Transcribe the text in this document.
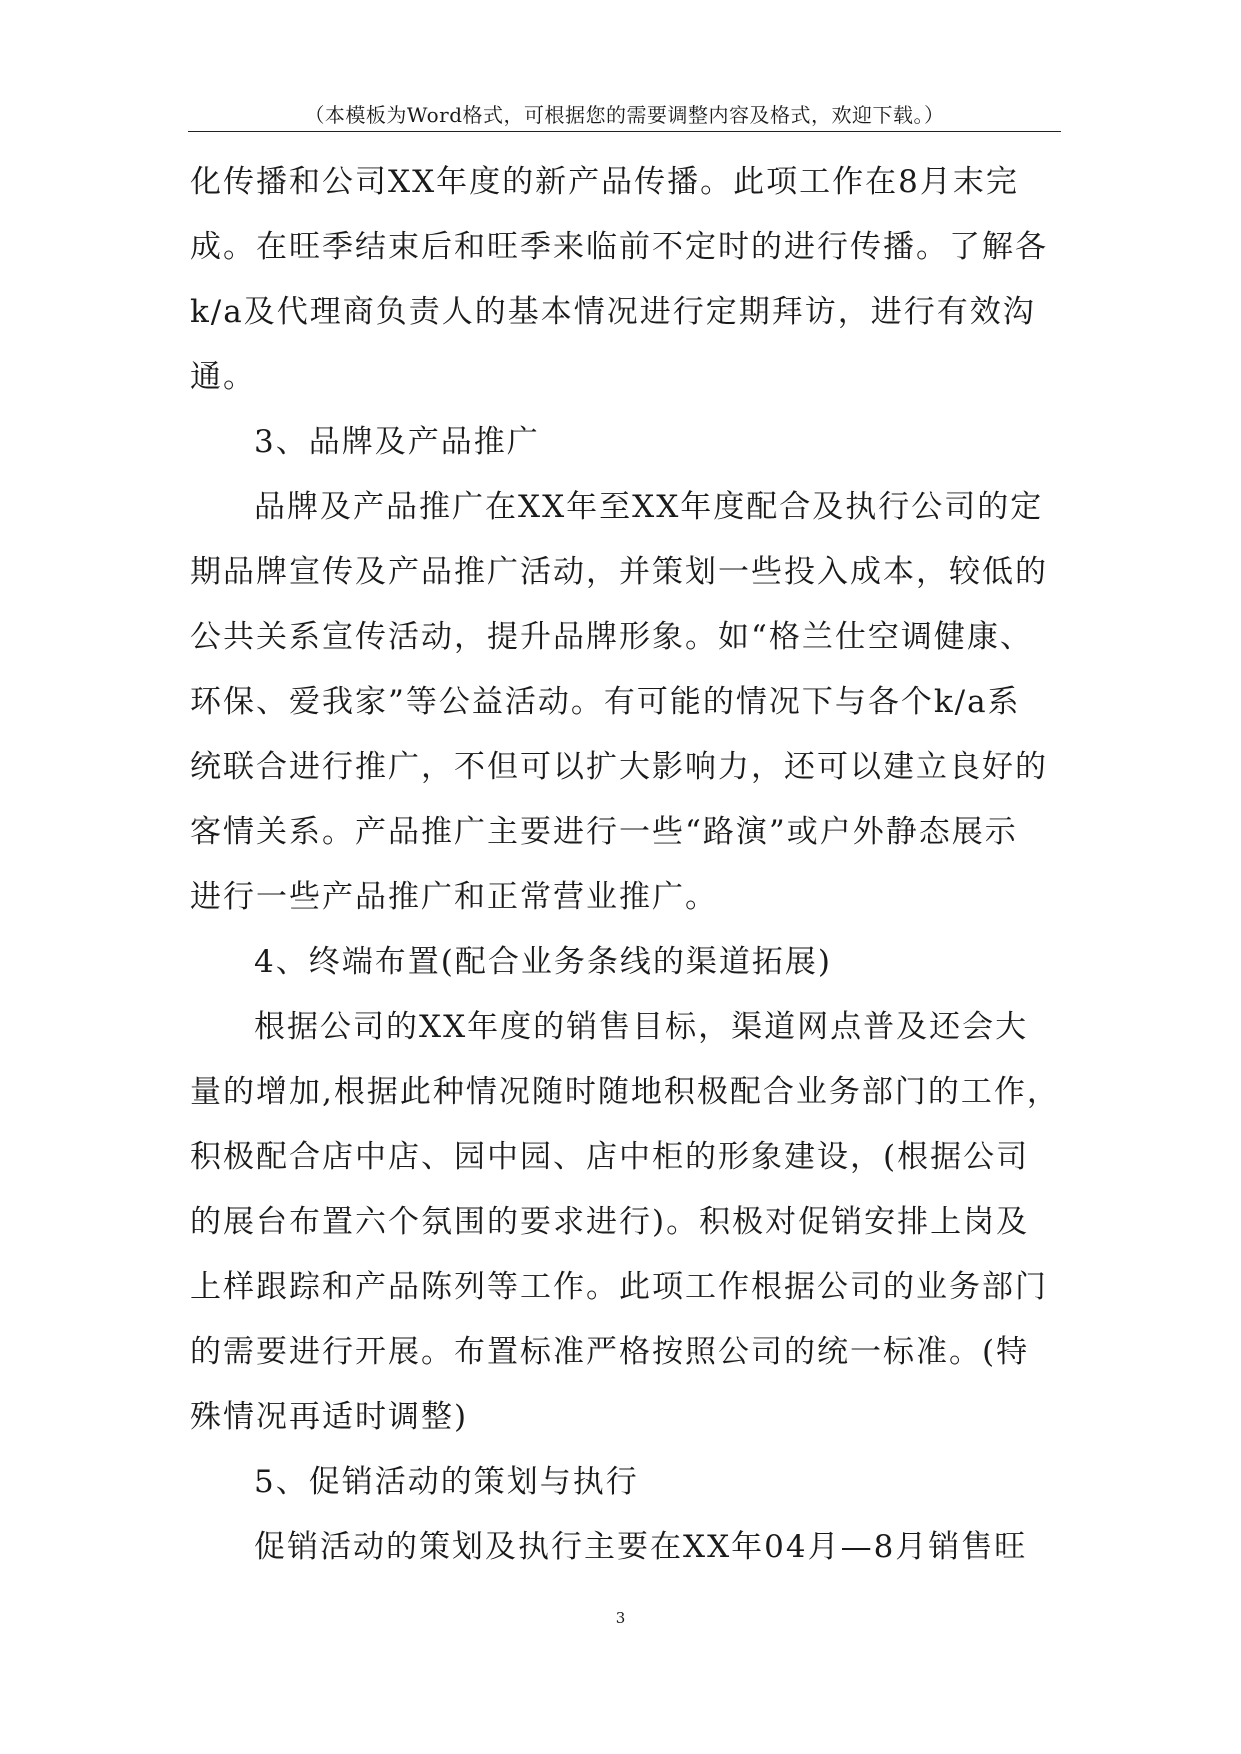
（本模板为Word格式，可根据您的需要调整内容及格式，欢迎下载。）
化传播和公司XX年度的新产品传播。此项工作在8月末完
成。在旺季结束后和旺季来临前不定时的进行传播。了解各
k/a及代理商负责人的基本情况进行定期拜访，进行有效沟
通。
3、品牌及产品推广
品牌及产品推广在XX年至XX年度配合及执行公司的定
期品牌宣传及产品推广活动，并策划一些投入成本，较低的
公共关系宣传活动，提升品牌形象。如“格兰仕空调健康、
环保、爱我家”等公益活动。有可能的情况下与各个k/a系
统联合进行推广，不但可以扩大影响力，还可以建立良好的
客情关系。产品推广主要进行一些“路演”或户外静态展示
进行一些产品推广和正常营业推广。
4、终端布置(配合业务条线的渠道拓展)
根据公司的XX年度的销售目标，渠道网点普及还会大
量的增加,根据此种情况随时随地积极配合业务部门的工作，
积极配合店中店、园中园、店中柜的形象建设，(根据公司
的展台布置六个氛围的要求进行)。积极对促销安排上岗及
上样跟踪和产品陈列等工作。此项工作根据公司的业务部门
的需要进行开展。布置标准严格按照公司的统一标准。(特
殊情况再适时调整)
5、促销活动的策划与执行
促销活动的策划及执行主要在XX年04月—8月销售旺
3
